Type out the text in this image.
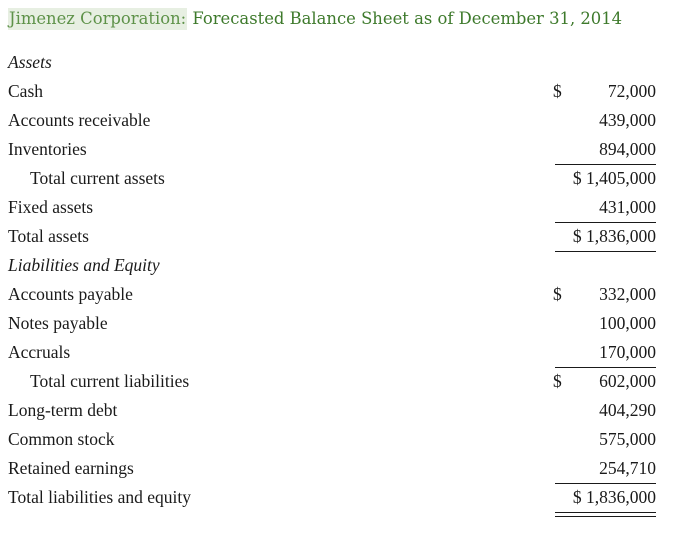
Jimenez Corporation: Forecasted Balance Sheet as of December 31, 2014
Assets
Cash	$	72,000
Accounts receivable	439,000
Inventories	894,000
Total current assets	$ 1,405,000
Fixed assets	431,000
Total assets	$ 1,836,000
Liabilities and Equity
Accounts payable	$ 332,000
Notes payable	100,000
Accruals	170,000
Total current liabilities	$ 602,000
Long-term debt	404,290
Common stock	575,000
Retained earnings	254,710
Total liabilities and equity	$ 1,836,000
